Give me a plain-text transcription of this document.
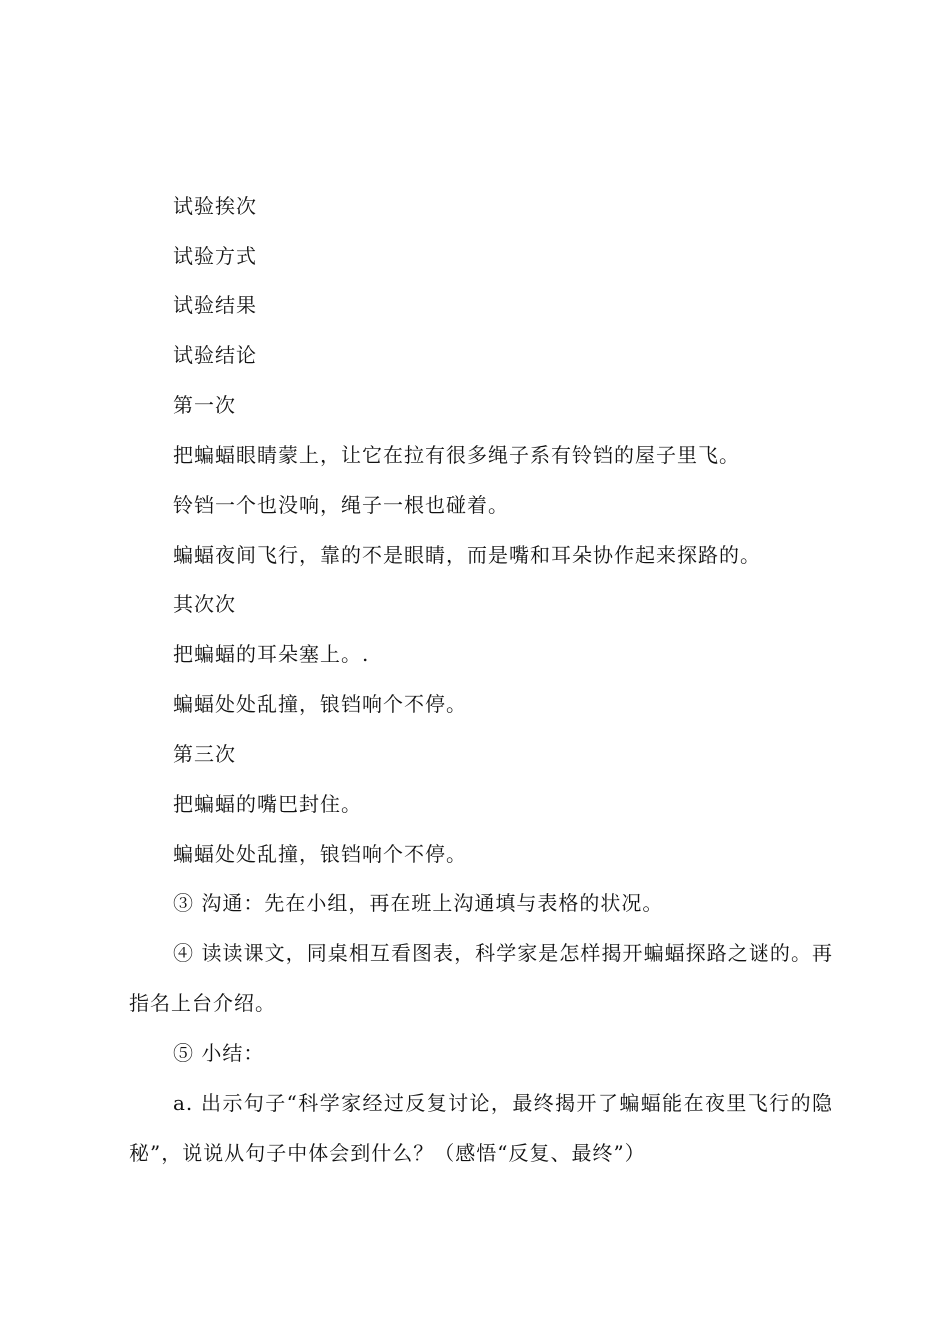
试验挨次
试验方式
试验结果
试验结论
第一次
把蝙蝠眼睛蒙上，让它在拉有很多绳子系有铃铛的屋子里飞。
铃铛一个也没响，绳子一根也碰着。
蝙蝠夜间飞行，靠的不是眼睛，而是嘴和耳朵协作起来探路的。
其次次
把蝙蝠的耳朵塞上。.
蝙蝠处处乱撞，锒铛响个不停。
第三次
把蝙蝠的嘴巴封住。
蝙蝠处处乱撞，锒铛响个不停。
③ 沟通：先在小组，再在班上沟通填与表格的状况。
④ 读读课文，同桌相互看图表，科学家是怎样揭开蝙蝠探路之谜的。再指名上台介绍。
⑤ 小结：
a. 出示句子“科学家经过反复讨论，最终揭开了蝙蝠能在夜里飞行的隐秘”，说说从句子中体会到什么？（感悟“反复、最终”）
